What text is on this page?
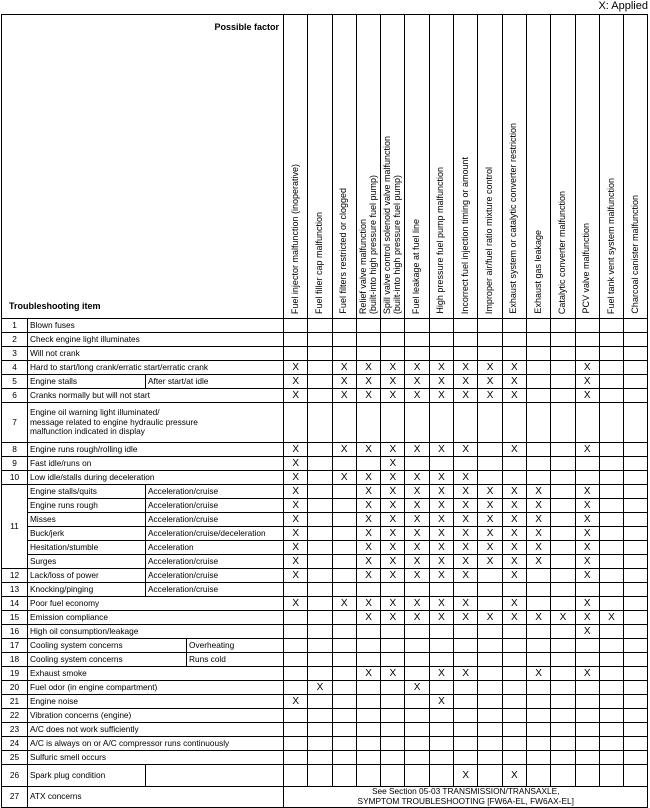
X: Applied
Possible factor
Troubleshooting item				Fuel injector malfunction (inoperative)	Fuel filler cap malfunction	Fuel filters restricted or clogged	Relief valve malfunction
(built-into high pressure fuel pump)	Spill valve control solenoid valve malfunction
(built-into high pressure fuel pump)	Fuel leakage at fuel line	High pressure fuel pump malfunction	Incorrect fuel injection timing or amount	Improper air/fuel ratio mixture control	Exhaust system or catalytic converter restriction	Exhaust gas leakage	Catalytic converter malfunction	PCV valve malfunction	Fuel tank vent system malfunction	Charcoal canister malfunction

1	Blown fuses																	
2	Check engine light illuminates																	
3	Will not crank																	
4	Hard to start/long crank/erratic start/erratic crank			X		X	X	X	X	X	X	X	X			X		
5	Engine stalls	After start/at idle		X		X	X	X	X	X	X	X	X			X		
6	Cranks normally but will not start			X		X	X	X	X	X	X	X	X			X		
7	Engine oil warning light illuminated/
message related to engine hydraulic pressure
malfunction indicated in display																	
8	Engine runs rough/rolling idle			X		X	X	X	X	X	X		X			X		
9	Fast idle/runs on			X				X										
10	Low idle/stalls during deceleration			X		X	X	X	X	X	X							
11	Engine stalls/quits	Acceleration/cruise		X			X	X	X	X	X	X	X	X		X		
	Engine runs rough	Acceleration/cruise		X			X	X	X	X	X	X	X	X		X		
	Misses	Acceleration/cruise		X			X	X	X	X	X	X	X	X		X		
	Buck/jerk	Acceleration/cruise/deceleration		X			X	X	X	X	X	X	X	X		X		
	Hesitation/stumble	Acceleration		X			X	X	X	X	X	X	X	X		X		
	Surges	Acceleration/cruise		X			X	X	X	X	X	X	X	X		X		
12	Lack/loss of power	Acceleration/cruise		X			X	X	X	X	X		X			X		
13	Knocking/pinging	Acceleration/cruise																
14	Poor fuel economy			X		X	X	X	X	X	X		X			X		
15	Emission compliance						X	X	X	X	X	X	X	X	X	X	X	
16	High oil consumption/leakage															X		
17	Cooling system concerns		Overheating															
18	Cooling system concerns		Runs cold															
19	Exhaust smoke						X	X		X	X			X		X		
20	Fuel odor (in engine compartment)				X				X									
21	Engine noise			X						X								
22	Vibration concerns (engine)																	
23	A/C does not work sufficiently																	
24	A/C is always on or A/C compressor runs continuously																	
25	Sulfuric smell occurs																	
26	Spark plug condition										X		X					
27	ATX concerns			See Section 05-03 TRANSMISSION/TRANSAXLE,
SYMPTOM TROUBLESHOOTING [FW6A-EL, FW6AX-EL]														
